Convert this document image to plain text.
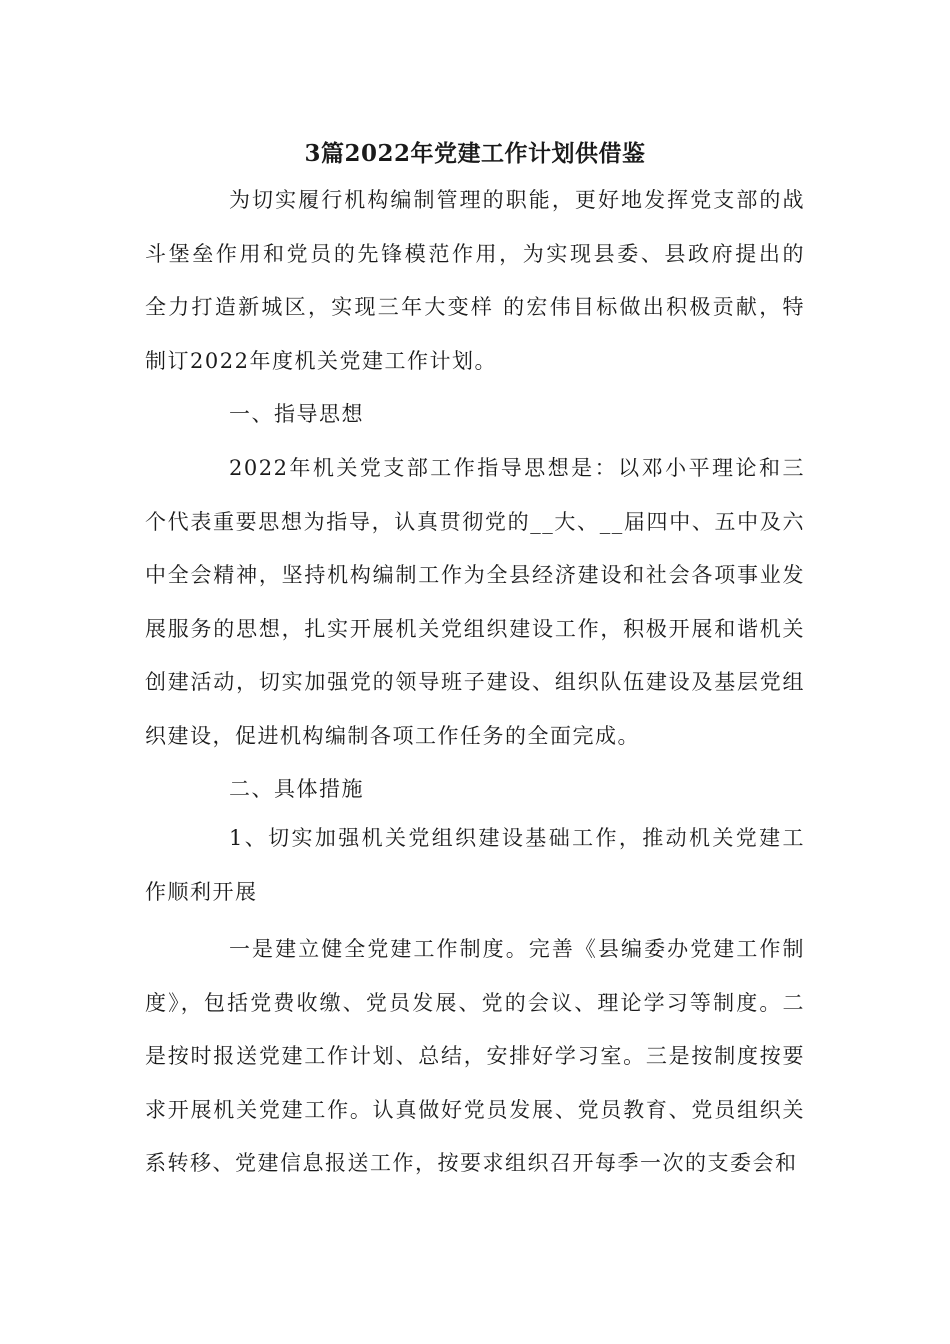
3篇2022年党建工作计划供借鉴

为切实履行机构编制管理的职能，更好地发挥党支部的战斗堡垒作用和党员的先锋模范作用，为实现县委、县政府提出的 全力打造新城区，实现三年大变样 的宏伟目标做出积极贡献，特制订2022年度机关党建工作计划。

一、指导思想

2022年机关党支部工作指导思想是：以邓小平理论和三个代表重要思想为指导，认真贯彻党的__大、__届四中、五中及六中全会精神，坚持机构编制工作为全县经济建设和社会各项事业发展服务的思想，扎实开展机关党组织建设工作，积极开展和谐机关创建活动，切实加强党的领导班子建设、组织队伍建设及基层党组织建设，促进机构编制各项工作任务的全面完成。

二、具体措施

1、切实加强机关党组织建设基础工作，推动机关党建工作顺利开展

一是建立健全党建工作制度。完善《县编委办党建工作制度》，包括党费收缴、党员发展、党的会议、理论学习等制度。二是按时报送党建工作计划、总结，安排好学习室。三是按制度按要求开展机关党建工作。认真做好党员发展、党员教育、党员组织关系转移、党建信息报送工作，按要求组织召开每季一次的支委会和
